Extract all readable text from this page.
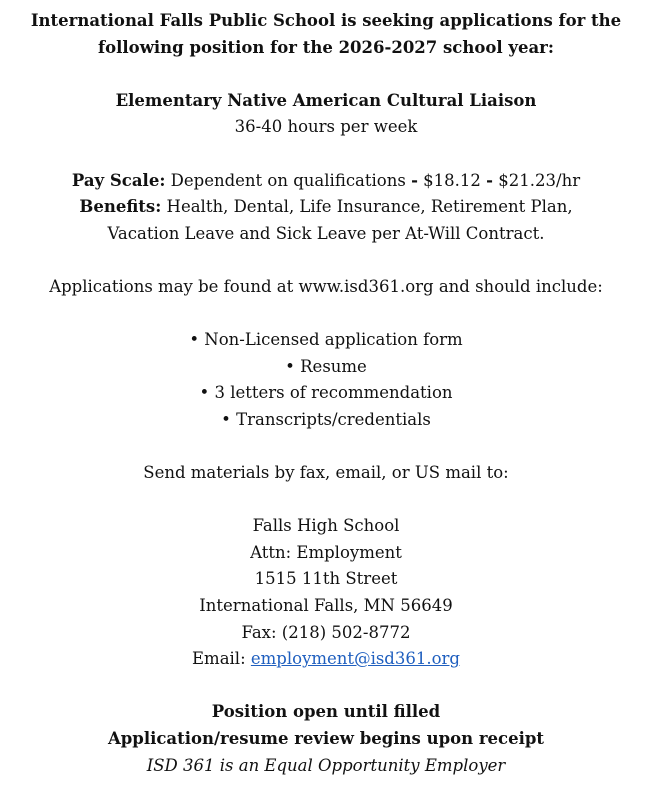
International Falls Public School is seeking applications for the
following position for the 2026-2027 school year:
Elementary Native American Cultural Liaison
36-40 hours per week
Pay Scale: Dependent on qualifications - $18.12 - $21.23/hr
Benefits: Health, Dental, Life Insurance, Retirement Plan,
Vacation Leave and Sick Leave per At-Will Contract.
Applications may be found at www.isd361.org and should include:
• Non-Licensed application form
• Resume
• 3 letters of recommendation
• Transcripts/credentials
Send materials by fax, email, or US mail to:
Falls High School
Attn: Employment
1515 11th Street
International Falls, MN 56649
Fax: (218) 502-8772
Email: employment@isd361.org
Position open until filled
Application/resume review begins upon receipt
ISD 361 is an Equal Opportunity Employer
